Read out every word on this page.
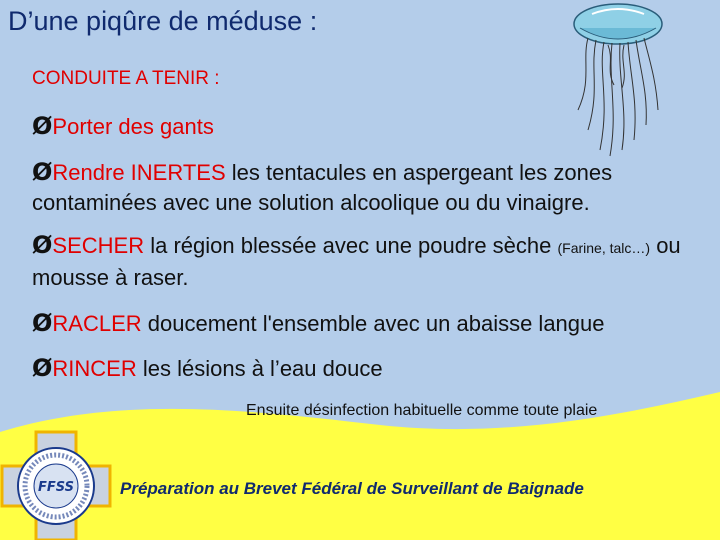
D’une piqûre de méduse :
CONDUITE A TENIR :
ØPorter des gants
ØRendre INERTES les tentacules en aspergeant les zones contaminées avec une solution alcoolique ou du vinaigre.
ØSECHER la région blessée avec une poudre sèche (Farine, talc…) ou mousse à raser.
ØRACLER doucement l'ensemble avec un abaisse langue
ØRINCER les lésions à l’eau douce
Ensuite désinfection habituelle comme toute plaie
Préparation au Brevet Fédéral de Surveillant de Baignade
FFSS
